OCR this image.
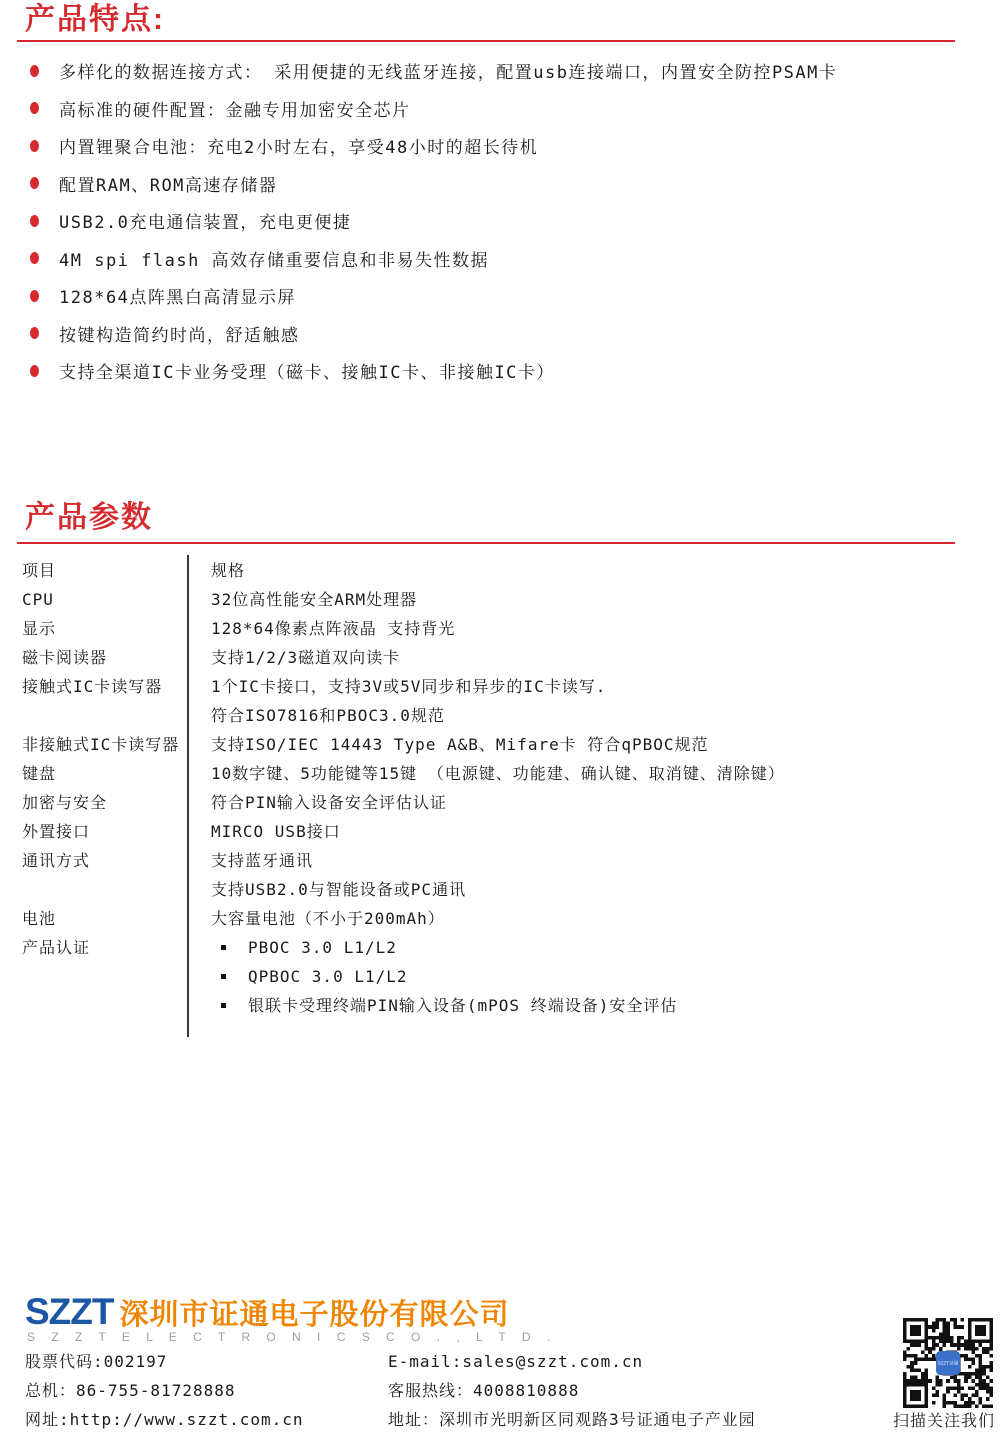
产品特点:
多样化的数据连接方式： 采用便捷的无线蓝牙连接，配置usb连接端口，内置安全防控PSAM卡
高标准的硬件配置：金融专用加密安全芯片
内置锂聚合电池：充电2小时左右，享受48小时的超长待机
配置RAM、ROM高速存储器
USB2.0充电通信装置，充电更便捷
4M spi flash 高效存储重要信息和非易失性数据
128*64点阵黑白高清显示屏
按键构造简约时尚，舒适触感
支持全渠道IC卡业务受理（磁卡、接触IC卡、非接触IC卡）
产品参数
项目	规格
CPU	32位高性能安全ARM处理器
显示	128*64像素点阵液晶 支持背光
磁卡阅读器	支持1/2/3磁道双向读卡
接触式IC卡读写器	1个IC卡接口，支持3V或5V同步和异步的IC卡读写.
符合ISO7816和PBOC3.0规范
非接触式IC卡读写器	支持ISO/IEC 14443 Type A&B、Mifare卡 符合qPBOC规范
键盘	10数字键、5功能键等15键 （电源键、功能建、确认键、取消键、清除键）
加密与安全	符合PIN输入设备安全评估认证
外置接口	MIRCO USB接口
通讯方式	支持蓝牙通讯
支持USB2.0与智能设备或PC通讯
电池	大容量电池（不小于200mAh）
产品认证	PBOC 3.0 L1/L2
QPBOC 3.0 L1/L2
银联卡受理终端PIN输入设备(mPOS 终端设备)安全评估
SZZT 深圳市证通电子股份有限公司
S Z Z T E L E C T R O N I C S C O . , L T D .
股票代码:002197
总机：86-755-81728888
网址:http://www.szzt.com.cn
E-mail:sales@szzt.com.cn
客服热线：4008810888
地址：深圳市光明新区同观路3号证通电子产业园
SZZT证通
扫描关注我们
